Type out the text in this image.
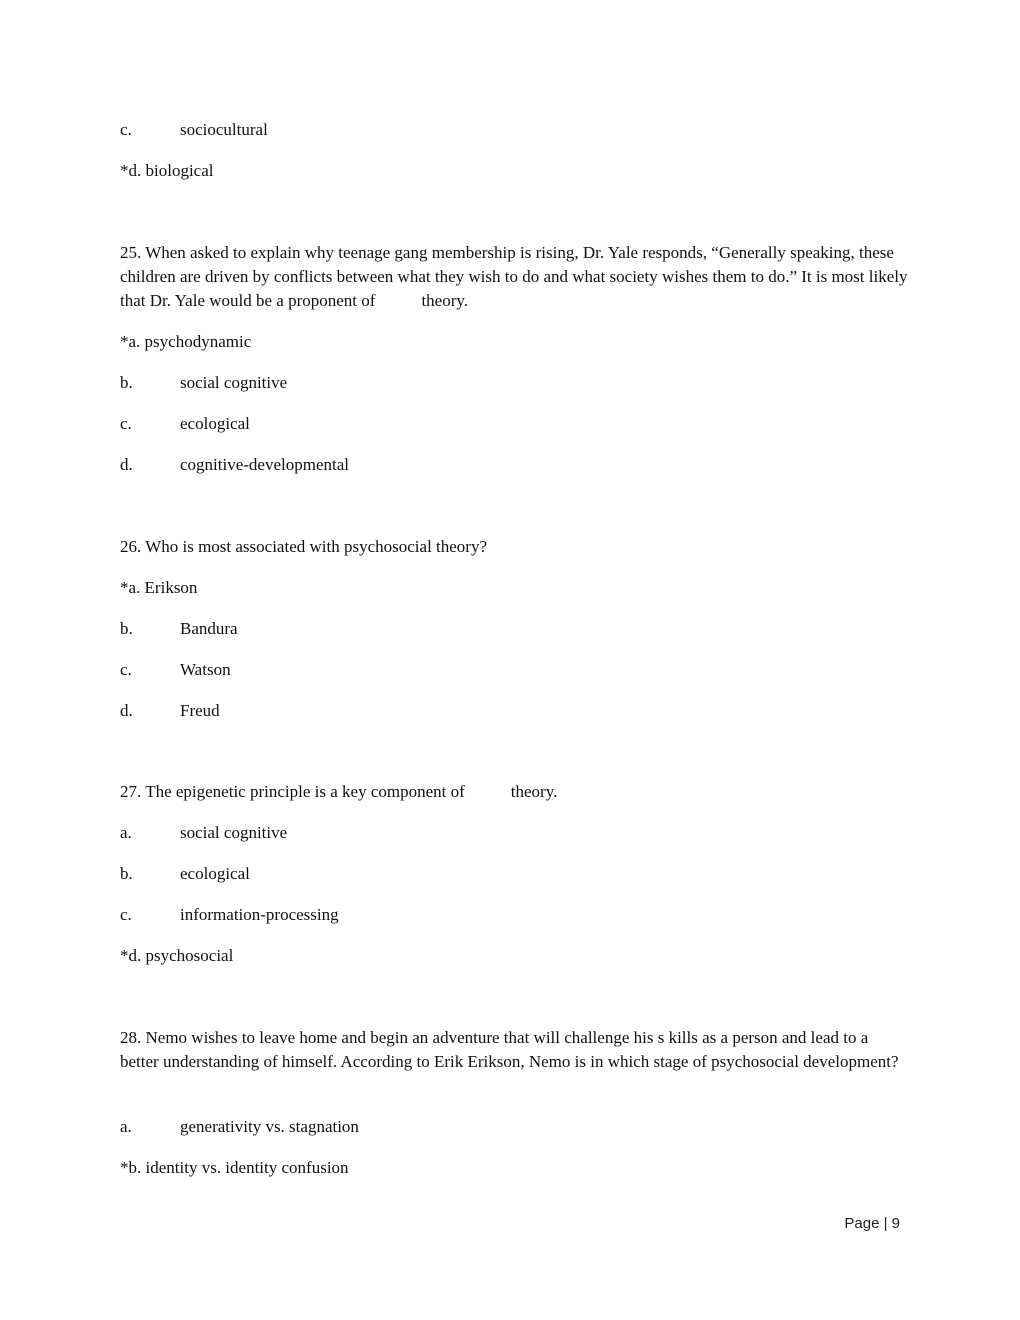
c.	sociocultural
*d. biological
25. When asked to explain why teenage gang membership is rising, Dr. Yale responds, “Generally speaking, these children are driven by conflicts between what they wish to do and what society wishes them to do.” It is most likely that Dr. Yale would be a proponent of	theory.
*a. psychodynamic
b.	social cognitive
c.	ecological
d.	cognitive-developmental
26. Who is most associated with psychosocial theory?
*a. Erikson
b.	Bandura
c.	Watson
d.	Freud
27. The epigenetic principle is a key component of	theory.
a.	social cognitive
b.	ecological
c.	information-processing
*d. psychosocial
28. Nemo wishes to leave home and begin an adventure that will challenge his s kills as a person and lead to a better understanding of himself. According to Erik Erikson, Nemo is in which stage of psychosocial development?
a.	generativity vs. stagnation
*b. identity vs. identity confusion
Page | 9
